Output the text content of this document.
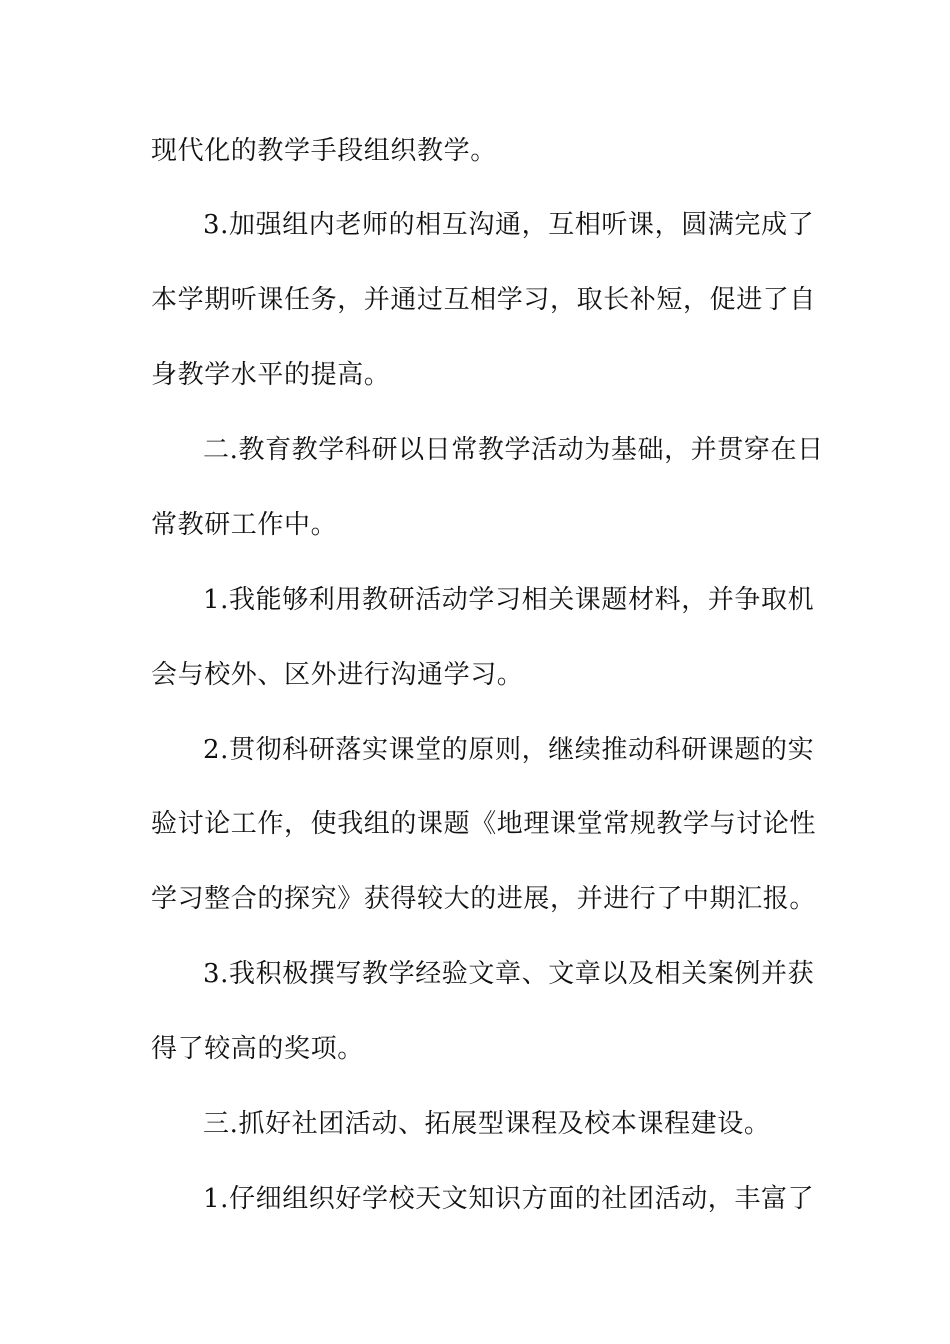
现代化的教学手段组织教学。
3.加强组内老师的相互沟通，互相听课，圆满完成了
本学期听课任务，并通过互相学习，取长补短，促进了自
身教学水平的提高。
二.教育教学科研以日常教学活动为基础，并贯穿在日
常教研工作中。
1.我能够利用教研活动学习相关课题材料，并争取机
会与校外、区外进行沟通学习。
2.贯彻科研落实课堂的原则，继续推动科研课题的实
验讨论工作，使我组的课题《地理课堂常规教学与讨论性
学习整合的探究》获得较大的进展，并进行了中期汇报。
3.我积极撰写教学经验文章、文章以及相关案例并获
得了较高的奖项。
三.抓好社团活动、拓展型课程及校本课程建设。
1.仔细组织好学校天文知识方面的社团活动，丰富了
